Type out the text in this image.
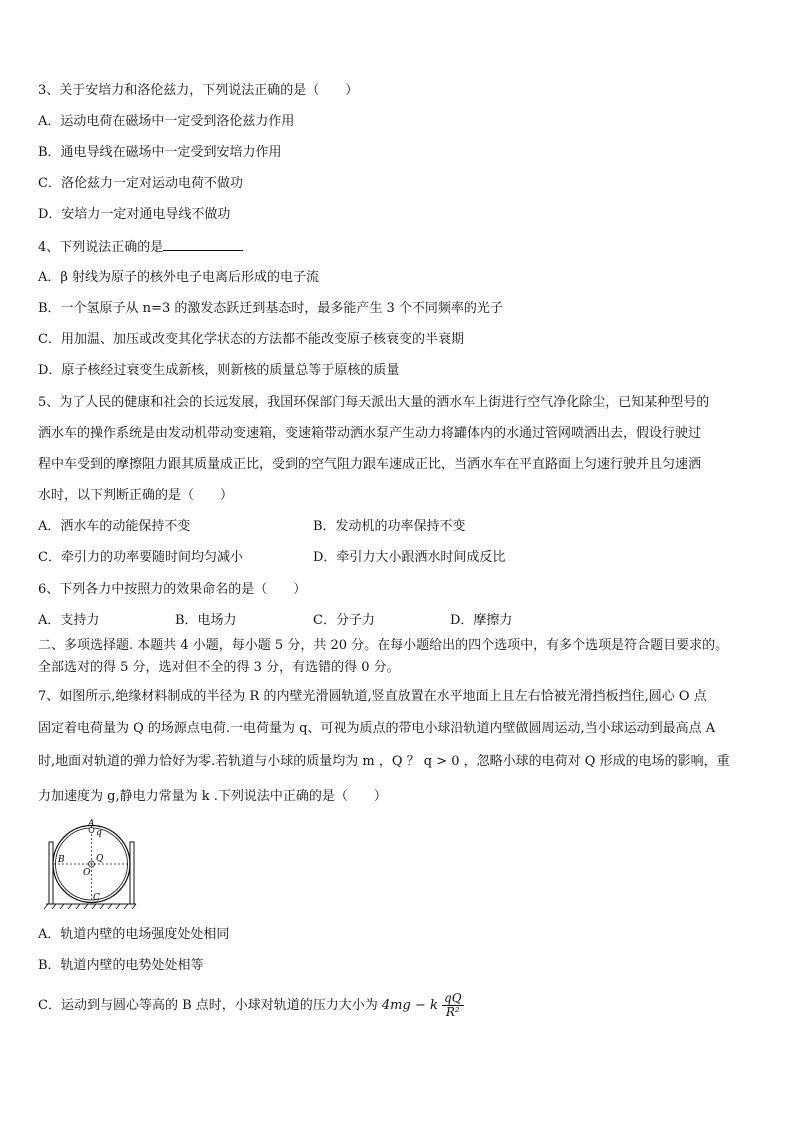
3、关于安培力和洛伦兹力，下列说法正确的是（　　）
A．运动电荷在磁场中一定受到洛伦兹力作用
B．通电导线在磁场中一定受到安培力作用
C．洛伦兹力一定对运动电荷不做功
D．安培力一定对通电导线不做功
4、下列说法正确的是
A．β 射线为原子的核外电子电离后形成的电子流
B．一个氢原子从 n=3 的激发态跃迁到基态时，最多能产生 3 个不同频率的光子
C．用加温、加压或改变其化学状态的方法都不能改变原子核衰变的半衰期
D．原子核经过衰变生成新核，则新核的质量总等于原核的质量
5、为了人民的健康和社会的长远发展，我国环保部门每天派出大量的洒水车上街进行空气净化除尘，已知某种型号的
洒水车的操作系统是由发动机带动变速箱，变速箱带动洒水泵产生动力将罐体内的水通过管网喷洒出去，假设行驶过
程中车受到的摩擦阻力跟其质量成正比，受到的空气阻力跟车速成正比，当洒水车在平直路面上匀速行驶并且匀速洒
水时，以下判断正确的是（　　）
A．洒水车的动能保持不变	B．发动机的功率保持不变
C．牵引力的功率要随时间均匀减小	D．牵引力大小跟洒水时间成反比
6、下列各力中按照力的效果命名的是（　　）
A．支持力	B．电场力	C．分子力	D．摩擦力
二、多项选择题. 本题共 4 小题，每小题 5 分，共 20 分。在每小题给出的四个选项中，有多个选项是符合题目要求的。
全部选对的得 5 分，选对但不全的得 3 分，有选错的得 0 分。
7、如图所示,绝缘材料制成的半径为 R 的内壁光滑圆轨道,竖直放置在水平地面上且左右恰被光滑挡板挡住,圆心 O 点
固定着电荷量为 Q 的场源点电荷.一电荷量为 q、可视为质点的带电小球沿轨道内壁做圆周运动,当小球运动到最高点 A
时,地面对轨道的弹力恰好为零.若轨道与小球的质量均为 m ，Q ？ q > 0 ，忽略小球的电荷对 Q 形成的电场的影响，重
力加速度为 g,静电力常量为 k .下列说法中正确的是（　　）
A
q
B	Q
O
C
A．轨道内壁的电场强度处处相同
B．轨道内壁的电势处处相等
C．运动到与圆心等高的 B 点时，小球对轨道的压力大小为 4mg − k $\frac{qQ}{\text{R²}}$
